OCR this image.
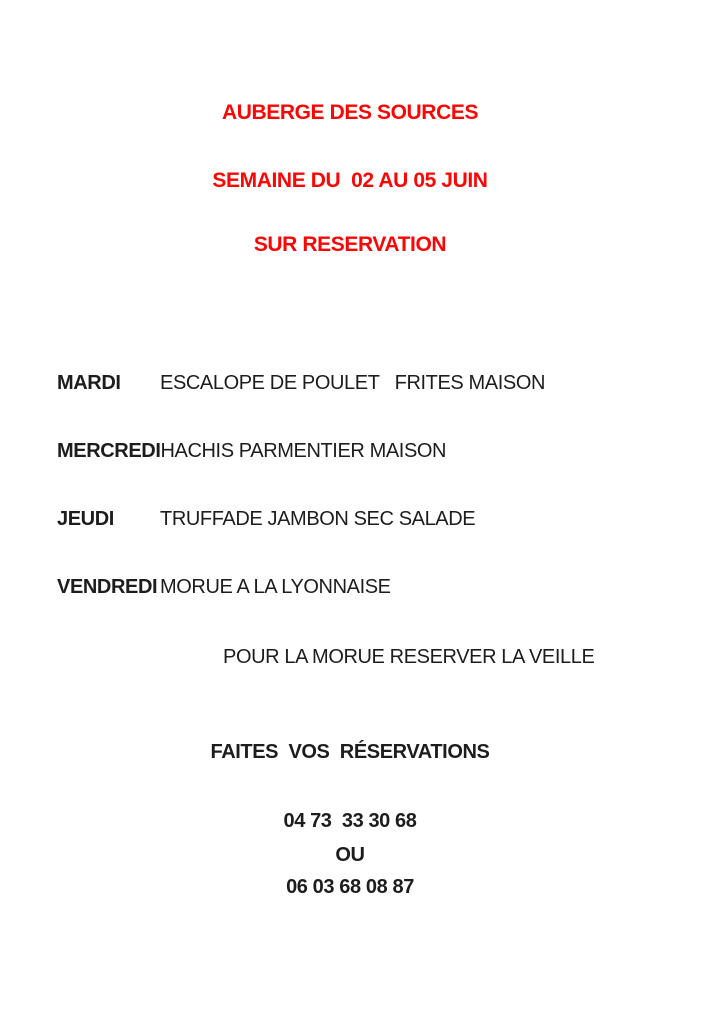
AUBERGE DES SOURCES
SEMAINE DU  02 AU 05 JUIN
SUR RESERVATION
MARDI	ESCALOPE DE POULET   FRITES MAISON
MERCREDI HACHIS PARMENTIER MAISON
JEUDI	TRUFFADE JAMBON SEC SALADE
VENDREDI MORUE A LA LYONNAISE
POUR LA MORUE RESERVER LA VEILLE
FAITES  VOS  RÉSERVATIONS
04 73  33 30 68
OU
06 03 68 08 87
